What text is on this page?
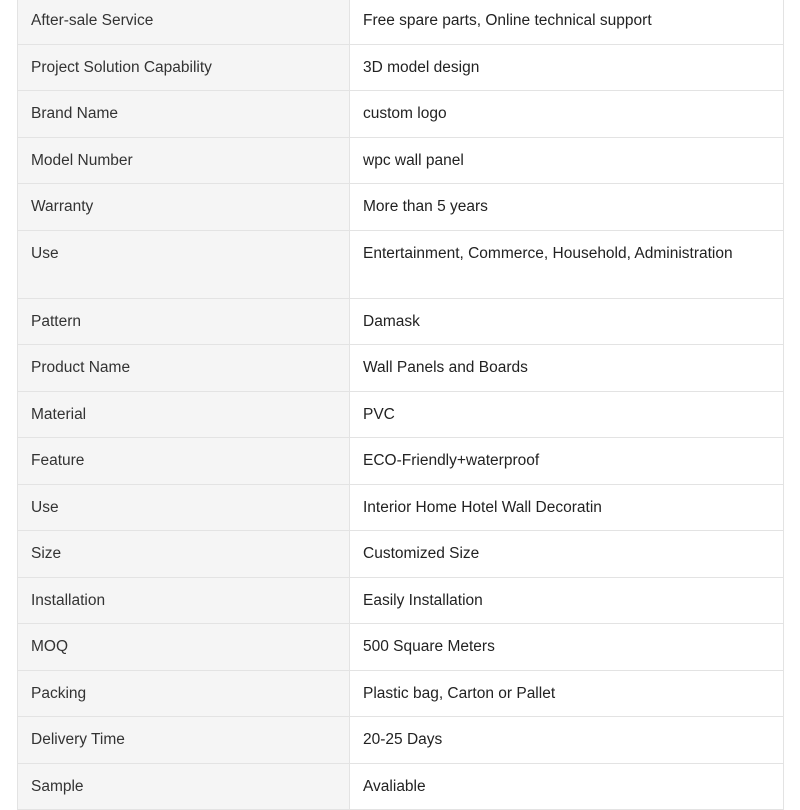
After-sale Service	Free spare parts, Online technical support
Project Solution Capability	3D model design
Brand Name	custom logo
Model Number	wpc wall panel
Warranty	More than 5 years
Use	Entertainment, Commerce, Household, Administration
Pattern	Damask
Product Name	Wall Panels and Boards
Material	PVC
Feature	ECO-Friendly+waterproof
Use	Interior Home Hotel Wall Decoratin
Size	Customized Size
Installation	Easily Installation
MOQ	500 Square Meters
Packing	Plastic bag, Carton or Pallet
Delivery Time	20-25 Days
Sample	Avaliable
